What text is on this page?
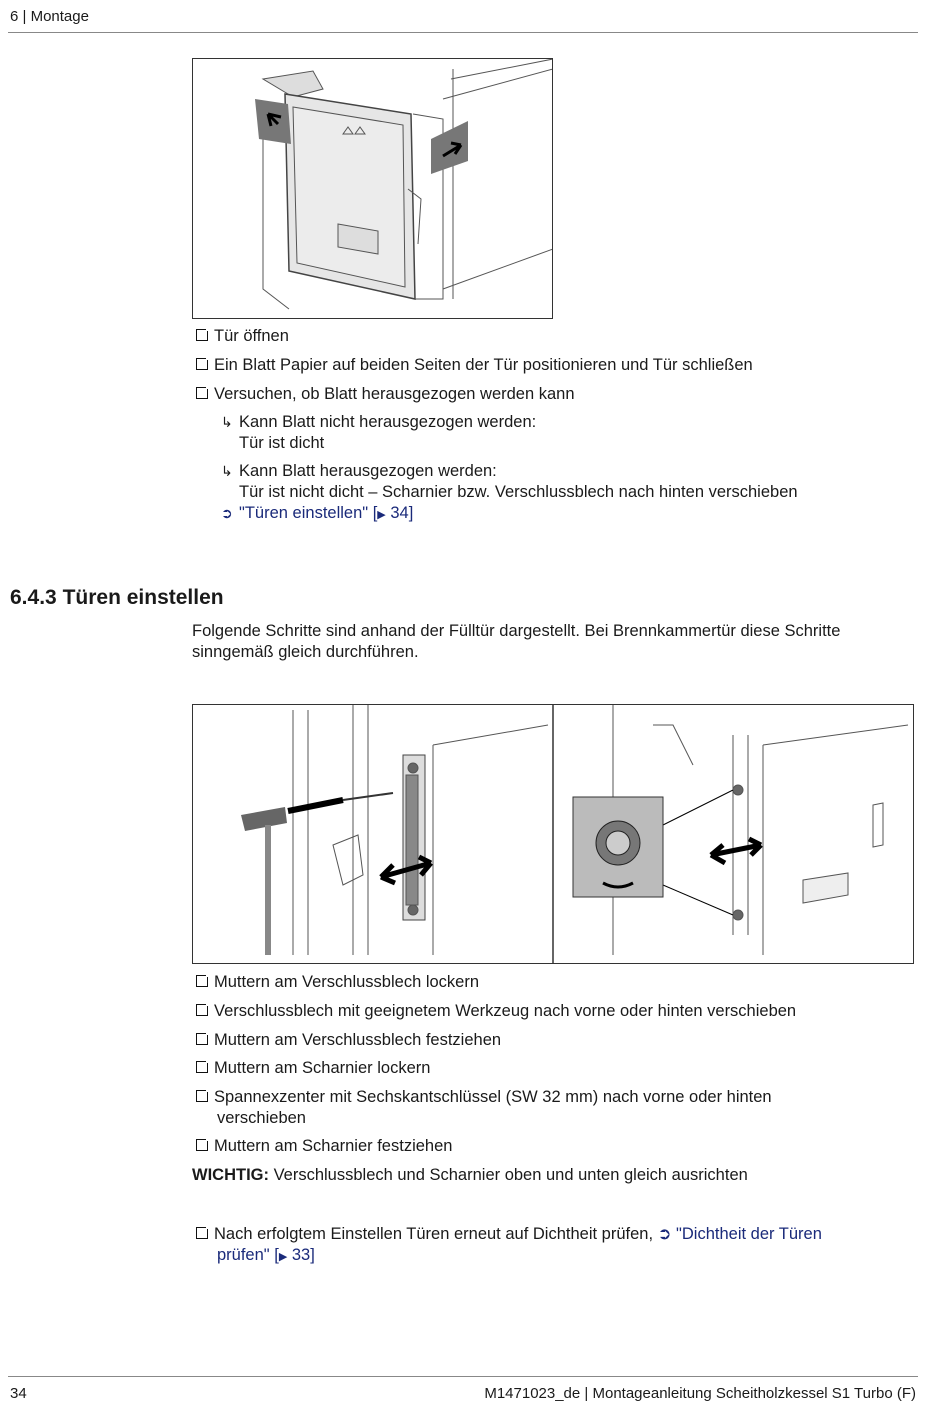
6 | Montage
Tür öffnen
Ein Blatt Papier auf beiden Seiten der Tür positionieren und Tür schließen
Versuchen, ob Blatt herausgezogen werden kann
↳ Kann Blatt nicht herausgezogen werden:
Tür ist dicht
↳ Kann Blatt herausgezogen werden:
Tür ist nicht dicht – Scharnier bzw. Verschlussblech nach hinten verschieben
➲ "Türen einstellen" [▶ 34]
6.4.3 Türen einstellen
Folgende Schritte sind anhand der Fülltür dargestellt. Bei Brennkammertür diese Schritte
sinngemäß gleich durchführen.
Muttern am Verschlussblech lockern
Verschlussblech mit geeignetem Werkzeug nach vorne oder hinten verschieben
Muttern am Verschlussblech festziehen
Muttern am Scharnier lockern
Spannexzenter mit Sechskantschlüssel (SW 32 mm) nach vorne oder hinten
verschieben
Muttern am Scharnier festziehen
WICHTIG: Verschlussblech und Scharnier oben und unten gleich ausrichten
Nach erfolgtem Einstellen Türen erneut auf Dichtheit prüfen, ➲ "Dichtheit der Türen
prüfen" [▶ 33]
34	M1471023_de | Montageanleitung Scheitholzkessel S1 Turbo (F)
